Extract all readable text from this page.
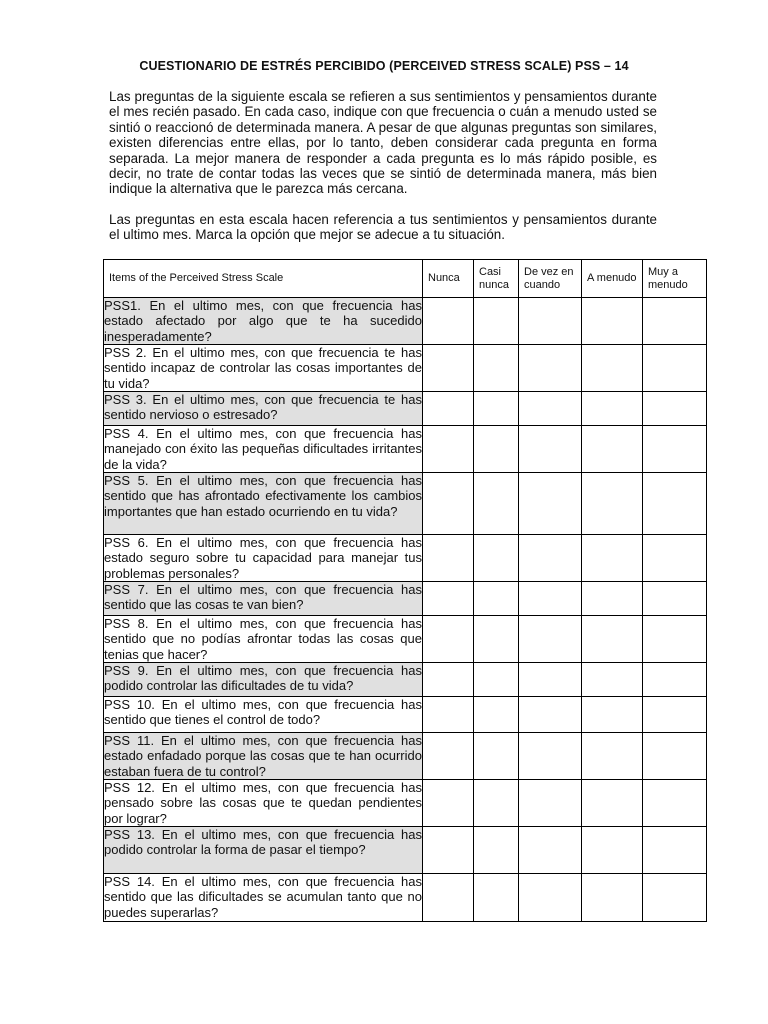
CUESTIONARIO DE ESTRÉS PERCIBIDO (PERCEIVED STRESS SCALE) PSS – 14

Las preguntas de la siguiente escala se refieren a sus sentimientos y pensamientos durante el mes recién pasado. En cada caso, indique con que frecuencia o cuán a menudo usted se sintió o reaccionó de determinada manera. A pesar de que algunas preguntas son similares, existen diferencias entre ellas, por lo tanto, deben considerar cada pregunta en forma separada. La mejor manera de responder a cada pregunta es lo más rápido posible, es decir, no trate de contar todas las veces que se sintió de determinada manera, más bien indique la alternativa que le parezca más cercana.

Las preguntas en esta escala hacen referencia a tus sentimientos y pensamientos durante el ultimo mes. Marca la opción que mejor se adecue a tu situación.

Items of the Perceived Stress Scale	Nunca	Casi nunca	De vez en cuando	A menudo	Muy a menudo
PSS1. En el ultimo mes, con que frecuencia has estado afectado por algo que te ha sucedido inesperadamente?					
PSS 2. En el ultimo mes, con que frecuencia te has sentido incapaz de controlar las cosas importantes de tu vida?					
PSS 3. En el ultimo mes, con que frecuencia te has sentido nervioso o estresado?					
PSS 4. En el ultimo mes, con que frecuencia has manejado con éxito las pequeñas dificultades irritantes de la vida?					
PSS 5. En el ultimo mes, con que frecuencia has sentido que has afrontado efectivamente los cambios importantes que han estado ocurriendo en tu vida?					
PSS 6. En el ultimo mes, con que frecuencia has estado seguro sobre tu capacidad para manejar tus problemas personales?					
PSS 7. En el ultimo mes, con que frecuencia has sentido que las cosas te van bien?					
PSS 8. En el ultimo mes, con que frecuencia has sentido que no podías afrontar todas las cosas que tenias que hacer?					
PSS 9. En el ultimo mes, con que frecuencia has podido controlar las dificultades de tu vida?					
PSS 10. En el ultimo mes, con que frecuencia has sentido que tienes el control de todo?					
PSS 11. En el ultimo mes, con que frecuencia has estado enfadado porque las cosas que te han ocurrido estaban fuera de tu control?					
PSS 12. En el ultimo mes, con que frecuencia has pensado sobre las cosas que te quedan pendientes por lograr?					
PSS 13. En el ultimo mes, con que frecuencia has podido controlar la forma de pasar el tiempo?					
PSS 14. En el ultimo mes, con que frecuencia has sentido que las dificultades se acumulan tanto que no puedes superarlas?					
